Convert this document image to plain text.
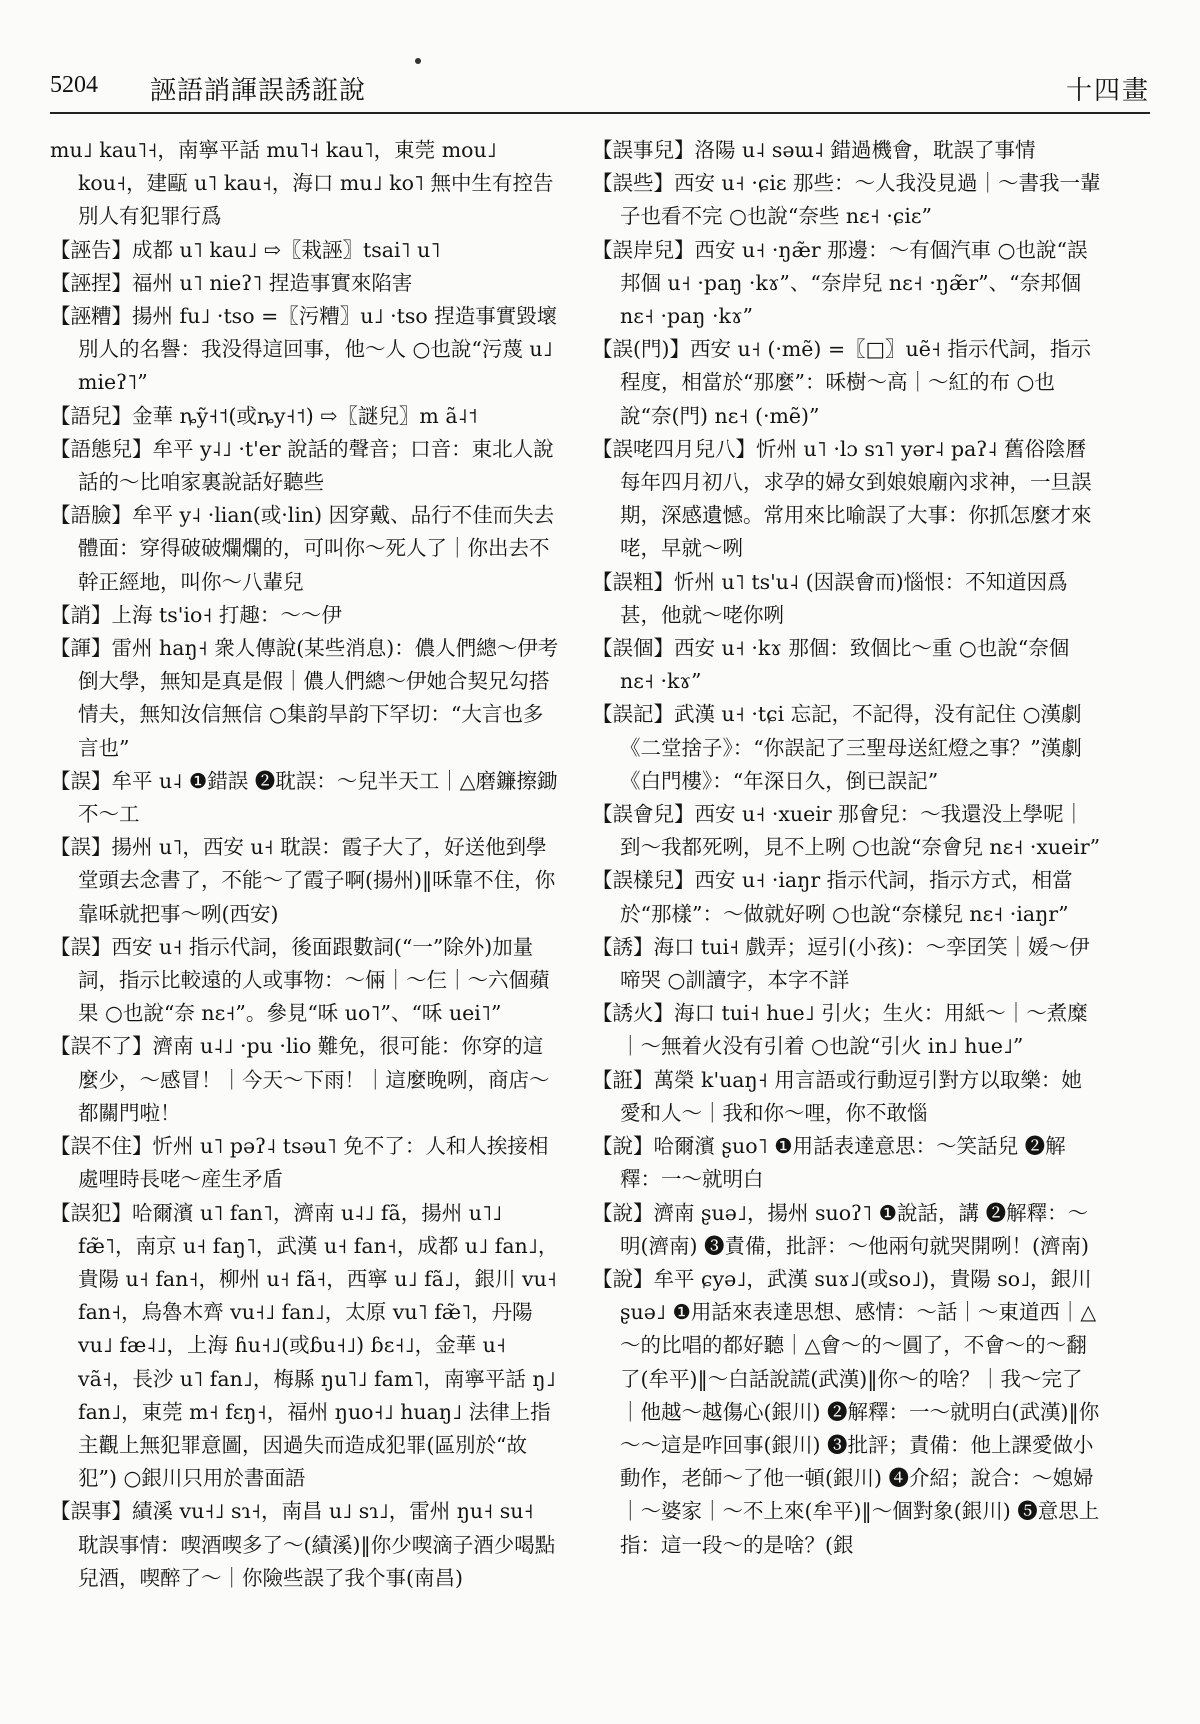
5204 誣語誚諢誤誘誑說	十四畫

mu˩ kau˥˧，南寧平話 mu˥˧ kau˥，東莞 mou˩ kou˧，建甌 u˥ kau˧，海口 mu˩ ko˥ 無中生有控告別人有犯罪行爲

【誣告】成都 u˥ kau˩ ⇨〖栽誣〗tsai˥ u˥

【誣捏】福州 u˥ nieʔ˥ 捏造事實來陷害

【誣糟】揚州 fu˩ ·tso =〖污糟〗u˩ ·tso 捏造事實毀壞別人的名譽：我没得這回事，他～人 ○也說“污蔑 u˩ mieʔ˥”

【語兒】金華 ȵỹ˧˦(或ȵy˧˦) ⇨〖謎兒〗m ã˨˦

【語態兒】牟平 y˨˩ ·t'er 說話的聲音；口音：東北人說話的～比咱家裏說話好聽些

【語臉】牟平 y˨ ·lian(或·lin) 因穿戴、品行不佳而失去體面：穿得破破爛爛的，可叫你～死人了｜你出去不幹正經地，叫你～八輩兒

【誚】上海 ts'io˧ 打趣：～～伊

【諢】雷州 haŋ˧ 衆人傳說(某些消息)：儂人們總～伊考倒大學，無知是真是假｜儂人們總～伊她合契兄勾搭情夫，無知汝信無信 ○集韵旱韵下罕切：“大言也多言也”

【誤】牟平 u˨ ❶錯誤 ❷耽誤：～兒半天工｜△磨鐮擦鋤不～工

【誤】揚州 u˥，西安 u˧ 耽誤：霞子大了，好送他到學堂頭去念書了，不能～了霞子啊(揚州)‖咊靠不住，你靠咊就把事～咧(西安)

【誤】西安 u˧ 指示代詞，後面跟數詞(“一”除外)加量詞，指示比較遠的人或事物：～倆｜～仨｜～六個蘋果 ○也說“奈 nɛ˧”。參見“咊 uo˥”、“咊 uei˥”

【誤不了】濟南 u˨˩ ·pu ·lio 難免，很可能：你穿的這麼少，～感冒！｜今天～下雨！｜這麼晚咧，商店～都關門啦！

【誤不住】忻州 u˥ pəʔ˨ tsəu˥ 免不了：人和人挨接相處哩時長咾～産生矛盾

【誤犯】哈爾濱 u˥ fan˥，濟南 u˨˩ fã，揚州 u˥˩ fæ̃˥，南京 u˧ faŋ˥，武漢 u˧ fan˧，成都 u˩ fan˩，貴陽 u˧ fan˧，柳州 u˧ fã˧，西寧 u˩ fã˩，銀川 vu˧ fan˧，烏魯木齊 vu˧˩ fan˩，太原 vu˥ fæ̃˥，丹陽 vu˩ fæ˨˩，上海 ɦu˧˩(或ɓu˧˩) ɓɛ˧˩，金華 u˧ vã˧，長沙 u˥ fan˩，梅縣 ŋu˥˩ fam˥，南寧平話 ŋ˩ fan˩，東莞 m˧ fɛŋ˧，福州 ŋuo˧˩ huaŋ˩ 法律上指主觀上無犯罪意圖，因過失而造成犯罪(區別於“故犯”) ○銀川只用於書面語

【誤事】績溪 vu˧˩ sɿ˧，南昌 u˩ sɿ˩，雷州 ŋu˧ su˧ 耽誤事情：喫酒喫多了～(績溪)‖你少喫滴子酒少喝點兒酒，喫醉了～｜你險些誤了我个事(南昌)

【誤事兒】洛陽 u˨ səɯ˨ 錯過機會，耽誤了事情

【誤些】西安 u˧ ·ɕiɛ 那些：～人我没見過｜～書我一輩子也看不完 ○也說“奈些 nɛ˧ ·ɕiɛ”

【誤岸兒】西安 u˧ ·ŋæ̃r 那邊：～有個汽車 ○也說“誤邦個 u˧ ·paŋ ·kɤ”、“奈岸兒 nɛ˧ ·ŋæ̃r”、“奈邦個 nɛ˧ ·paŋ ·kɤ”

【誤(門)】西安 u˧ (·mẽ) =〖□〗uẽ˧ 指示代詞，指示程度，相當於“那麼”：咊樹～高｜～紅的布 ○也說“奈(門) nɛ˧ (·mẽ)”

【誤咾四月兒八】忻州 u˥ ·lɔ sɿ˥ yər˨ paʔ˨ 舊俗陰曆每年四月初八，求孕的婦女到娘娘廟內求神，一旦誤期，深感遺憾。常用來比喻誤了大事：你抓怎麼才來咾，早就～咧

【誤粗】忻州 u˥ ts'u˨ (因誤會而)惱恨：不知道因爲甚，他就～咾你咧

【誤個】西安 u˧ ·kɤ 那個：致個比～重 ○也說“奈個 nɛ˧ ·kɤ”

【誤記】武漢 u˧ ·tɕi 忘記，不記得，没有記住 ○漢劇《二堂捨子》：“你誤記了三聖母送紅燈之事？”漢劇《白門樓》：“年深日久，倒已誤記”

【誤會兒】西安 u˧ ·xueir 那會兒：～我還没上學呢｜到～我都死咧，見不上咧 ○也說“奈會兒 nɛ˧ ·xueir”

【誤樣兒】西安 u˧ ·iaŋr 指示代詞，指示方式，相當於“那樣”：～做就好咧 ○也說“奈樣兒 nɛ˧ ·iaŋr”

【誘】海口 tui˧ 戲弄；逗引(小孩)：～孪囝笑｜媛～伊啼哭 ○訓讀字，本字不詳

【誘火】海口 tui˧ hue˩ 引火；生火：用紙～｜～煮糜｜～無着火没有引着 ○也說“引火 in˩ hue˩”

【誑】萬榮 k'uaŋ˧ 用言語或行動逗引對方以取樂：她愛和人～｜我和你～哩，你不敢惱

【說】哈爾濱 ʂuo˥ ❶用話表達意思：～笑話兒 ❷解釋：一～就明白

【說】濟南 ʂuə˩，揚州 suoʔ˥ ❶說話，講 ❷解釋：～明(濟南) ❸責備，批評：～他兩句就哭開咧！(濟南)

【說】牟平 ɕyə˩，武漢 suɤ˩(或so˩)，貴陽 so˩，銀川 ʂuə˩ ❶用話來表達思想、感情：～話｜～東道西｜△～的比唱的都好聽｜△會～的～圓了，不會～的～翻了(牟平)‖～白話說謊(武漢)‖你～的啥？｜我～完了｜他越～越傷心(銀川) ❷解釋：一～就明白(武漢)‖你～～這是咋回事(銀川) ❸批評；責備：他上課愛做小動作，老師～了他一頓(銀川) ❹介紹；說合：～媳婦｜～婆家｜～不上來(牟平)‖～個對象(銀川) ❺意思上指：這一段～的是啥？(銀
